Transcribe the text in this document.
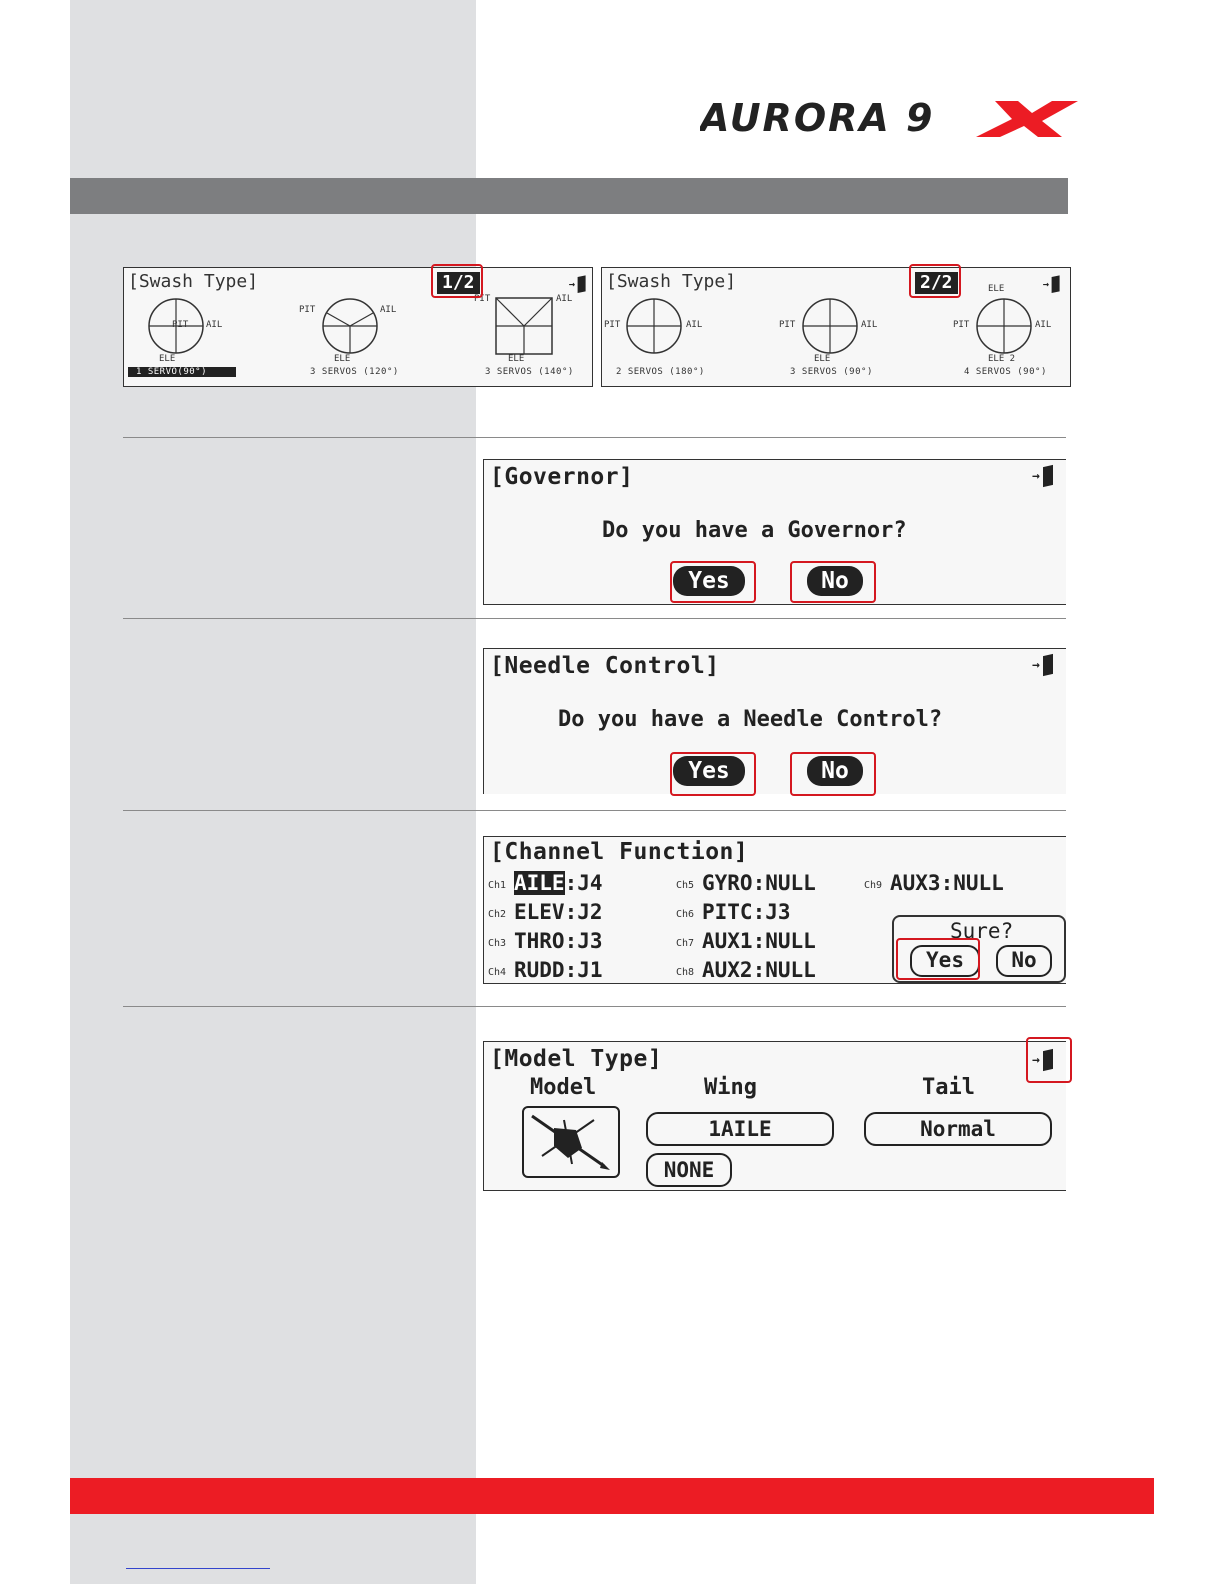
AURORA 9
[Swash Type]	1/2	→
PIT AIL
ELE
1 SERVO(90°)
PIT	AIL
ELE
3 SERVOS (120°)
PIT	AIL
ELE
3 SERVOS (140°)
[Swash Type]	2/2	→
PIT	AIL
2 SERVOS (180°)
PIT	AIL
ELE
3 SERVOS (90°)
ELE
PIT	AIL
ELE 2
4 SERVOS (90°)
[Governor]	→
Do you have a Governor?
Yes	No
[Needle Control]	→
Do you have a Needle Control?
Yes	No
[Channel Function]
Ch1 AILE:J4
Ch2 ELEV:J2
Ch3 THRO:J3
Ch4 RUDD:J1
Ch5 GYRO:NULL
Ch6 PITC:J3
Ch7 AUX1:NULL
Ch8 AUX2:NULL
Ch9 AUX3:NULL
Sure?
Yes	No
[Model Type]	→
Model	Wing	Tail
1AILE	Normal
NONE
